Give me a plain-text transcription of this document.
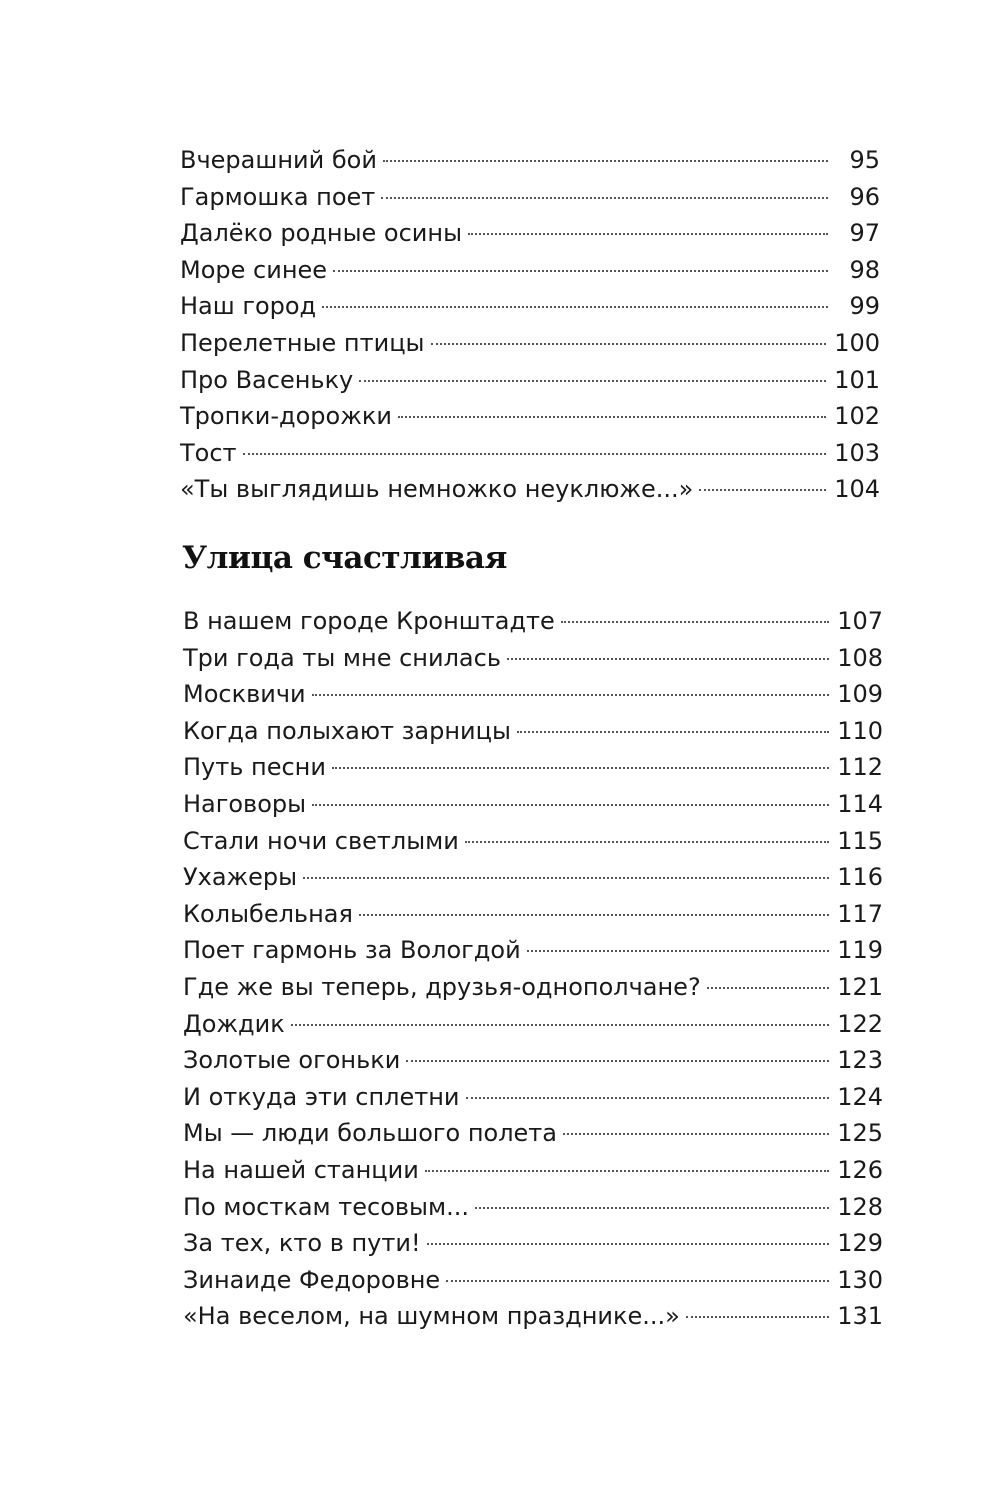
Вчерашний бой	95
Гармошка поет	96
Далёко родные осины	97
Море синее	98
Наш город	99
Перелетные птицы	100
Про Васеньку	101
Тропки-дорожки	102
Тост	103
«Ты выглядишь немножко неуклюже...»	104
Улица счастливая
В нашем городе Кронштадте	107
Три года ты мне снилась	108
Москвичи	109
Когда полыхают зарницы	110
Путь песни	112
Наговоры	114
Стали ночи светлыми	115
Ухажеры	116
Колыбельная	117
Поет гармонь за Вологдой	119
Где же вы теперь, друзья-однополчане?	121
Дождик	122
Золотые огоньки	123
И откуда эти сплетни	124
Мы — люди большого полета	125
На нашей станции	126
По мосткам тесовым...	128
За тех, кто в пути!	129
Зинаиде Федоровне	130
«На веселом, на шумном празднике...»	131
